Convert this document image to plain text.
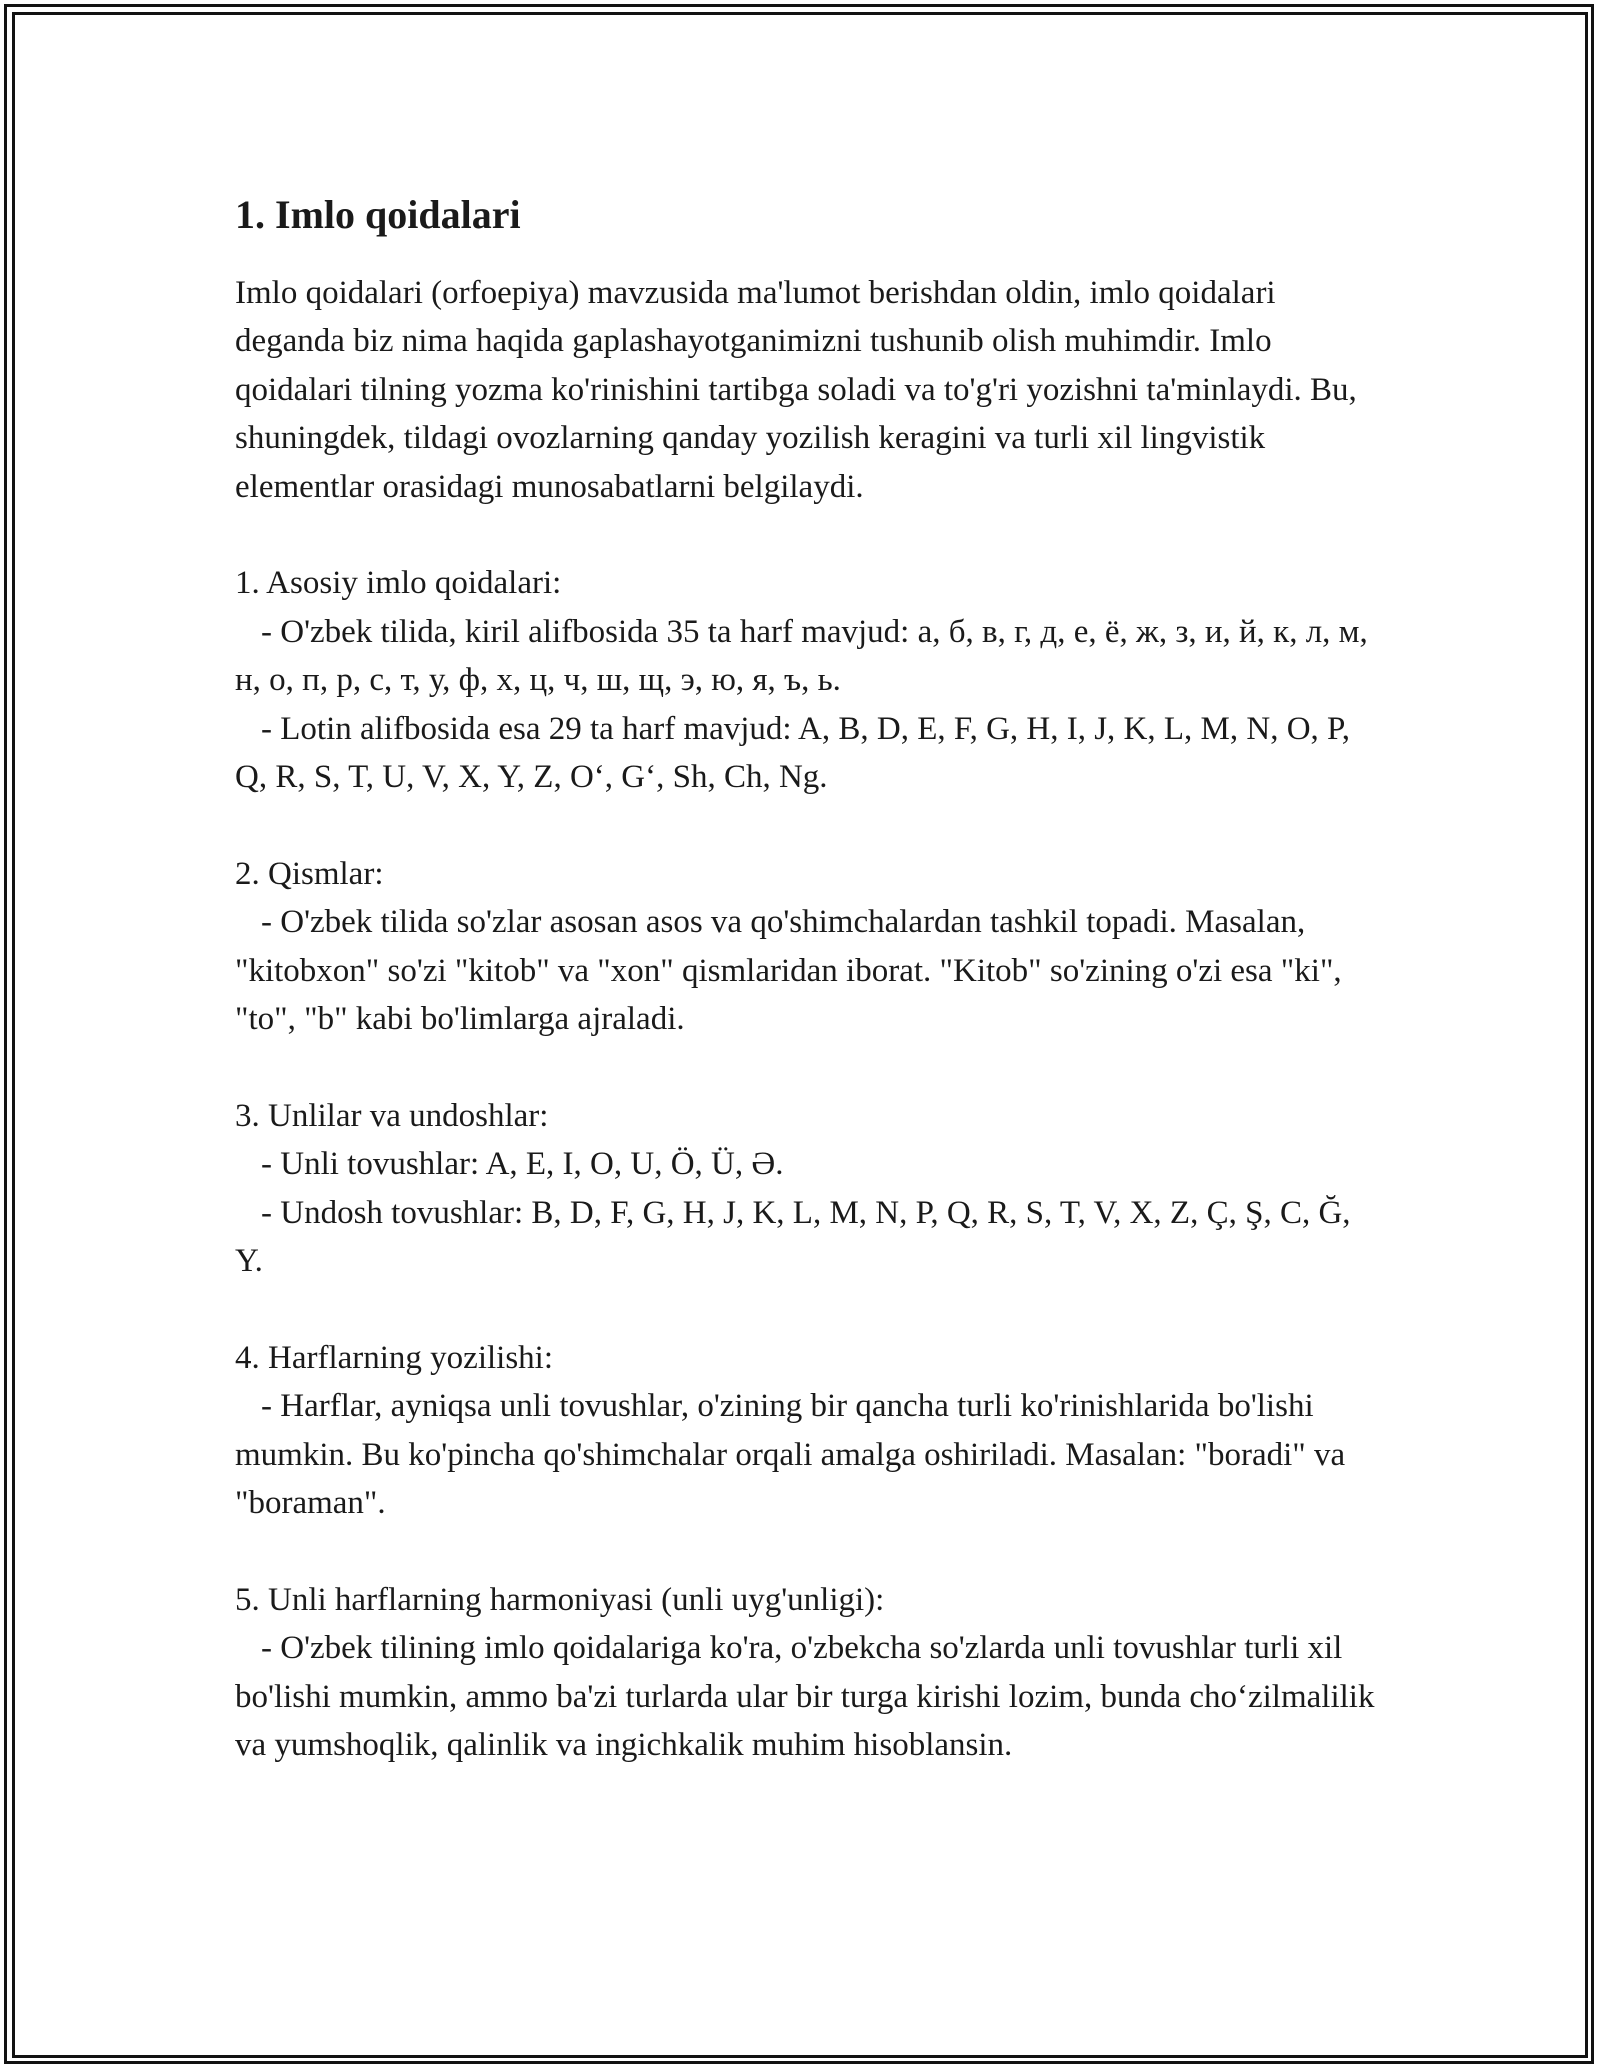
1. Imlo qoidalari

Imlo qoidalari (orfoepiya) mavzusida ma'lumot berishdan oldin, imlo qoidalari deganda biz nima haqida gaplashayotganimizni tushunib olish muhimdir. Imlo qoidalari tilning yozma ko'rinishini tartibga soladi va to'g'ri yozishni ta'minlaydi. Bu, shuningdek, tildagi ovozlarning qanday yozilish keragini va turli xil lingvistik elementlar orasidagi munosabatlarni belgilaydi.

1. Asosiy imlo qoidalari:

- O'zbek tilida, kiril alifbosida 35 ta harf mavjud: а, б, в, г, д, е, ё, ж, з, и, й, к, л, м, н, о, п, р, с, т, у, ф, х, ц, ч, ш, щ, э, ю, я, ъ, ь.

- Lotin alifbosida esa 29 ta harf mavjud: A, B, D, E, F, G, H, I, J, K, L, M, N, O, P, Q, R, S, T, U, V, X, Y, Z, Oʻ, Gʻ, Sh, Ch, Ng.

2. Qismlar:

- O'zbek tilida so'zlar asosan asos va qo'shimchalardan tashkil topadi. Masalan, "kitobxon" so'zi "kitob" va "xon" qismlaridan iborat. "Kitob" so'zining o'zi esa "ki", "to", "b" kabi bo'limlarga ajraladi.

3. Unlilar va undoshlar:

- Unli tovushlar: A, E, I, O, U, Ö, Ü, Ə.

- Undosh tovushlar: B, D, F, G, H, J, K, L, M, N, P, Q, R, S, T, V, X, Z, Ç, Ş, C, Ğ, Y.

4. Harflarning yozilishi:

- Harflar, ayniqsa unli tovushlar, o'zining bir qancha turli ko'rinishlarida bo'lishi mumkin. Bu ko'pincha qo'shimchalar orqali amalga oshiriladi. Masalan: "boradi" va "boraman".

5. Unli harflarning harmoniyasi (unli uyg'unligi):

- O'zbek tilining imlo qoidalariga ko'ra, o'zbekcha so'zlarda unli tovushlar turli xil bo'lishi mumkin, ammo ba'zi turlarda ular bir turga kirishi lozim, bunda choʻzilmalilik va yumshoqlik, qalinlik va ingichkalik muhim hisoblansin.
